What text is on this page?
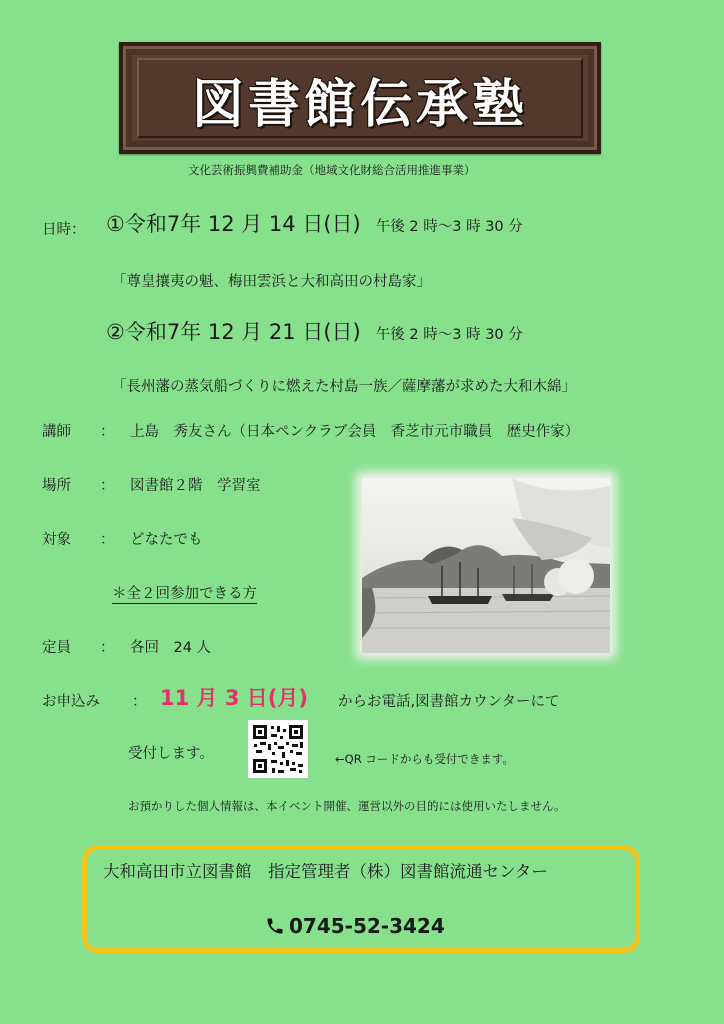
図書館伝承塾
文化芸術振興費補助金（地域文化財総合活用推進事業）
日時： ①令和7年 12 月 14 日(日) 午後 2 時～3 時 30 分
「尊皇攘夷の魁、梅田雲浜と大和高田の村島家」
②令和7年 12 月 21 日(日) 午後 2 時～3 時 30 分
「長州藩の蒸気船づくりに燃えた村島一族／薩摩藩が求めた大和木綿」
講師 ： 上島　秀友さん（日本ペンクラブ会員　香芝市元市職員　歴史作家）
場所 ： 図書館２階　学習室
対象 ： どなたでも
＊全２回参加できる方
定員 ： 各回　24 人
お申込み ： 11 月 3 日(月) からお電話,図書館カウンターにて
受付します。	←QR コードからも受付できます。
お預かりした個人情報は、本イベント開催、運営以外の目的には使用いたしません。
大和高田市立図書館　指定管理者（株）図書館流通センター
0745-52-3424
